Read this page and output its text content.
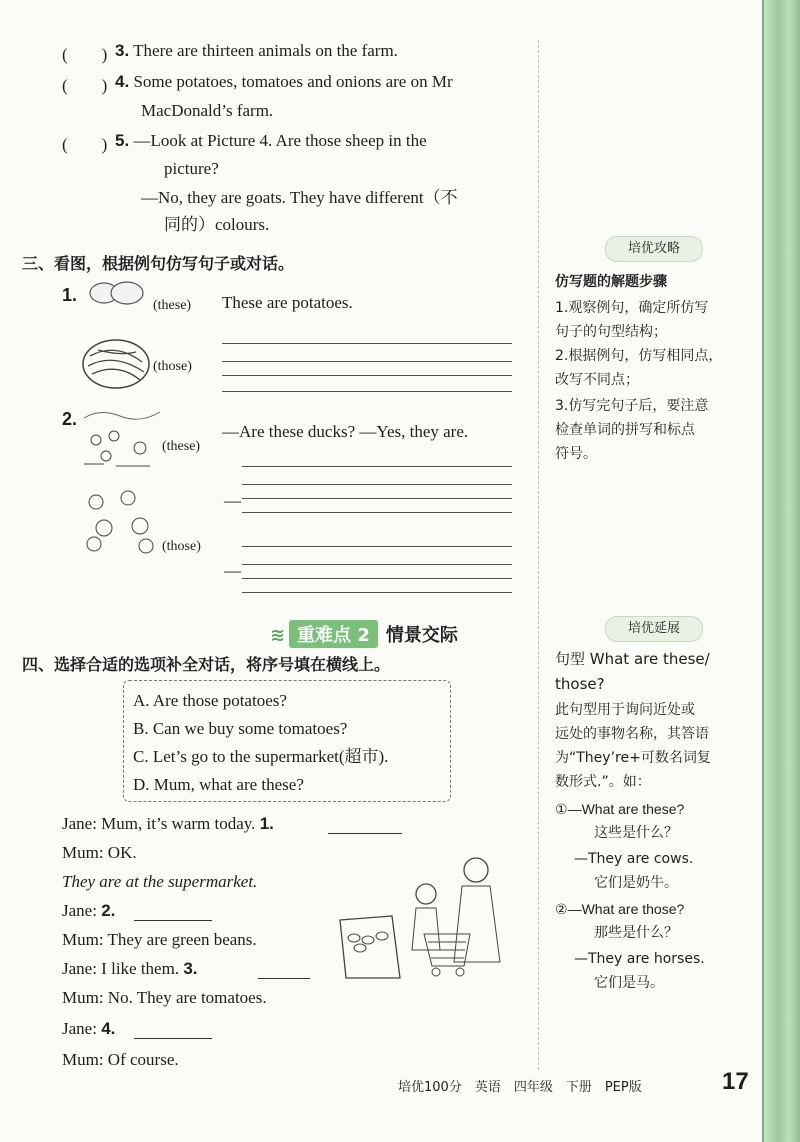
(　　) 3. There are thirteen animals on the farm.
(　　) 4. Some potatoes, tomatoes and onions are on Mr
MacDonald’s farm.
(　　) 5. —Look at Picture 4. Are those sheep in the
picture?
—No, they are goats. They have different（不
同的）colours.
三、看图，根据例句仿写句子或对话。
1.
(these) These are potatoes.
(those)
2.
(these)
—Are these ducks? —Yes, they are.
(those)
—
—
培优攻略
仿写题的解题步骤
1.观察例句，确定所仿写
句子的句型结构；
2.根据例句，仿写相同点，
改写不同点；
3.仿写完句子后，要注意
检查单词的拼写和标点
符号。
≋ 重难点 2 情景交际
四、选择合适的选项补全对话，将序号填在横线上。
A. Are those potatoes?
B. Can we buy some tomatoes?
C. Let’s go to the supermarket(超市).
D. Mum, what are these?
Jane: Mum, it’s warm today. 1.
Mum: OK.
They are at the supermarket.
Jane: 2.
Mum: They are green beans.
Jane: I like them. 3.
Mum: No. They are tomatoes.
Jane: 4.
Mum: Of course.
培优延展
句型 What are these/
those?
此句型用于询问近处或
远处的事物名称，其答语
为“They’re+可数名词复
数形式.”。如：
①—What are these?
这些是什么？
—They are cows.
它们是奶牛。
②—What are those?
那些是什么？
—They are horses.
它们是马。
培优100分　英语　四年级　下册　PEP版	17
